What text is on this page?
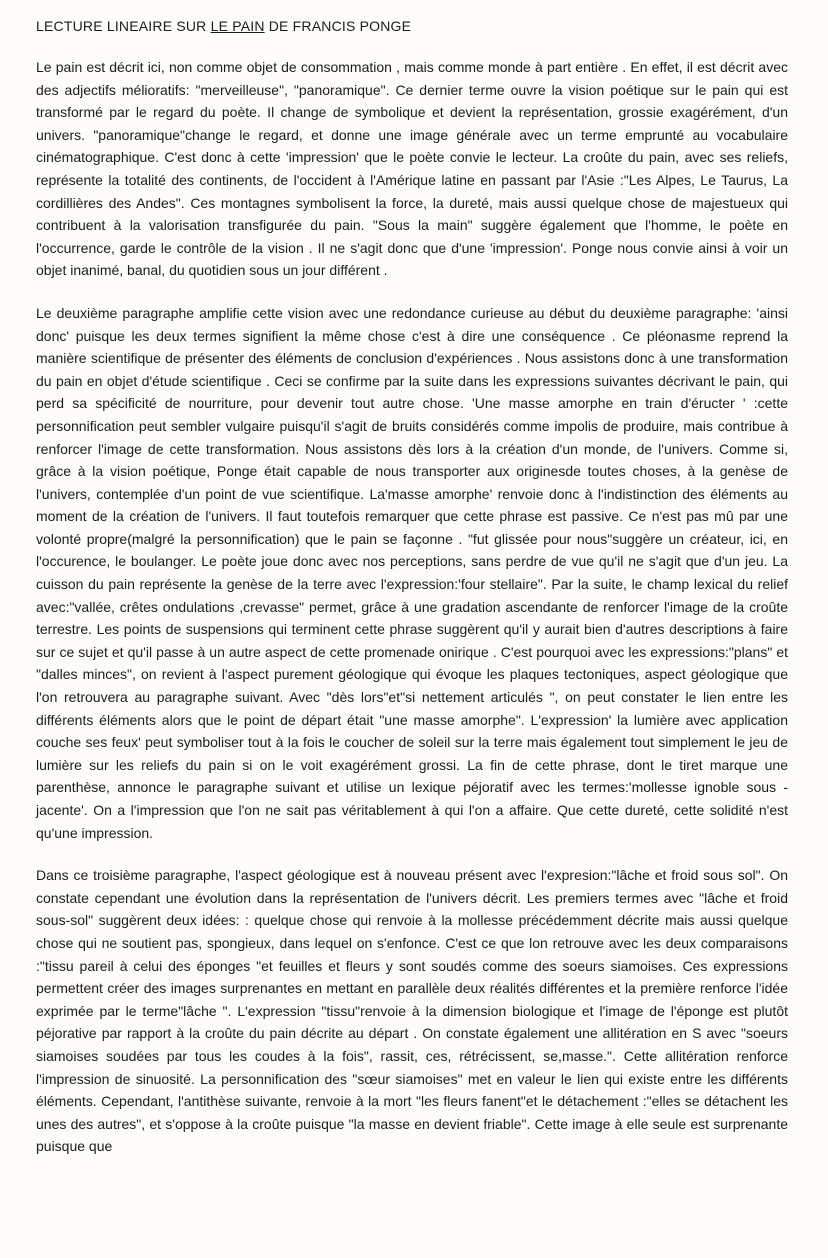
LECTURE LINEAIRE SUR LE PAIN DE FRANCIS PONGE

Le pain est décrit ici, non comme objet de consommation , mais comme monde à part entière . En effet, il est décrit avec des adjectifs mélioratifs: "merveilleuse", "panoramique". Ce dernier terme ouvre la vision poétique sur le pain qui est transformé par le regard du poète. Il change de symbolique et devient la représentation, grossie exagérément, d'un univers. "panoramique"change le regard, et donne une image générale avec un terme emprunté au vocabulaire cinématographique. C'est donc à cette 'impression' que le poète convie le lecteur. La croûte du pain, avec ses reliefs, représente la totalité des continents, de l'occident à l'Amérique latine en passant par l'Asie :"Les Alpes, Le Taurus, La cordillières des Andes". Ces montagnes symbolisent la force, la dureté, mais aussi quelque chose de majestueux qui contribuent à la valorisation transfigurée du pain. "Sous la main" suggère également que l'homme, le poète en l'occurrence, garde le contrôle de la vision . Il ne s'agit donc que d'une 'impression'. Ponge nous convie ainsi à voir un objet inanimé, banal, du quotidien sous un jour différent .

Le deuxième paragraphe amplifie cette vision avec une redondance curieuse au début du deuxième paragraphe: 'ainsi donc' puisque les deux termes signifient la même chose c'est à dire une conséquence . Ce pléonasme reprend la manière scientifique de présenter des éléments de conclusion d'expériences . Nous assistons donc à une transformation du pain en objet d'étude scientifique . Ceci se confirme par la suite dans les expressions suivantes décrivant le pain, qui perd sa spécificité de nourriture, pour devenir tout autre chose. 'Une masse amorphe en train d'éructer ' :cette personnification peut sembler vulgaire puisqu'il s'agit de bruits considérés comme impolis de produire, mais contribue à renforcer l'image de cette transformation. Nous assistons dès lors à la création d'un monde, de l'univers. Comme si, grâce à la vision poétique, Ponge était capable de nous transporter aux originesde toutes choses, à la genèse de l'univers, contemplée d'un point de vue scientifique. La'masse amorphe' renvoie donc à l'indistinction des éléments au moment de la création de l'univers. Il faut toutefois remarquer que cette phrase est passive. Ce n'est pas mû par une volonté propre(malgré la personnification) que le pain se façonne . "fut glissée pour nous"suggère un créateur, ici, en l'occurence, le boulanger. Le poète joue donc avec nos perceptions, sans perdre de vue qu'il ne s'agit que d'un jeu. La cuisson du pain représente la genèse de la terre avec l'expression:'four stellaire". Par la suite, le champ lexical du relief avec:"vallée, crêtes ondulations ,crevasse" permet, grâce à une gradation ascendante de renforcer l'image de la croûte terrestre. Les points de suspensions qui terminent cette phrase suggèrent qu'il y aurait bien d'autres descriptions à faire sur ce sujet et qu'il passe à un autre aspect de cette promenade onirique . C'est pourquoi avec les expressions:"plans" et "dalles minces", on revient à l'aspect purement géologique qui évoque les plaques tectoniques, aspect géologique que l'on retrouvera au paragraphe suivant. Avec "dès lors"et"si nettement articulés ", on peut constater le lien entre les différents éléments alors que le point de départ était "une masse amorphe". L'expression' la lumière avec application couche ses feux' peut symboliser tout à la fois le coucher de soleil sur la terre mais également tout simplement le jeu de lumière sur les reliefs du pain si on le voit exagérément grossi. La fin de cette phrase, dont le tiret marque une parenthèse, annonce le paragraphe suivant et utilise un lexique péjoratif avec les termes:'mollesse ignoble sous -jacente'. On a l'impression que l'on ne sait pas véritablement à qui l'on a affaire. Que cette dureté, cette solidité n'est qu'une impression.

Dans ce troisième paragraphe, l'aspect géologique est à nouveau présent avec l'expresion:"lâche et froid sous sol". On constate cependant une évolution dans la représentation de l'univers décrit. Les premiers termes avec "lâche et froid sous-sol" suggèrent deux idées: : quelque chose qui renvoie à la mollesse précédemment décrite mais aussi quelque chose qui ne soutient pas, spongieux, dans lequel on s'enfonce. C'est ce que lon retrouve avec les deux comparaisons :"tissu pareil à celui des éponges "et feuilles et fleurs y sont soudés comme des soeurs siamoises. Ces expressions permettent créer des images surprenantes en mettant en parallèle deux réalités différentes et la première renforce l'idée exprimée par le terme"lâche ". L'expression "tissu"renvoie à la dimension biologique et l'image de l'éponge est plutôt péjorative par rapport à la croûte du pain décrite au départ . On constate également une allitération en S avec "soeurs siamoises soudées par tous les coudes à la fois", rassit, ces, rétrécissent, se,masse.". Cette allitération renforce l'impression de sinuosité. La personnification des "sœur siamoises" met en valeur le lien qui existe entre les différents éléments. Cependant, l'antithèse suivante, renvoie à la mort "les fleurs fanent"et le détachement :"elles se détachent les unes des autres", et s'oppose à la croûte puisque "la masse en devient friable". Cette image à elle seule est surprenante puisque que
